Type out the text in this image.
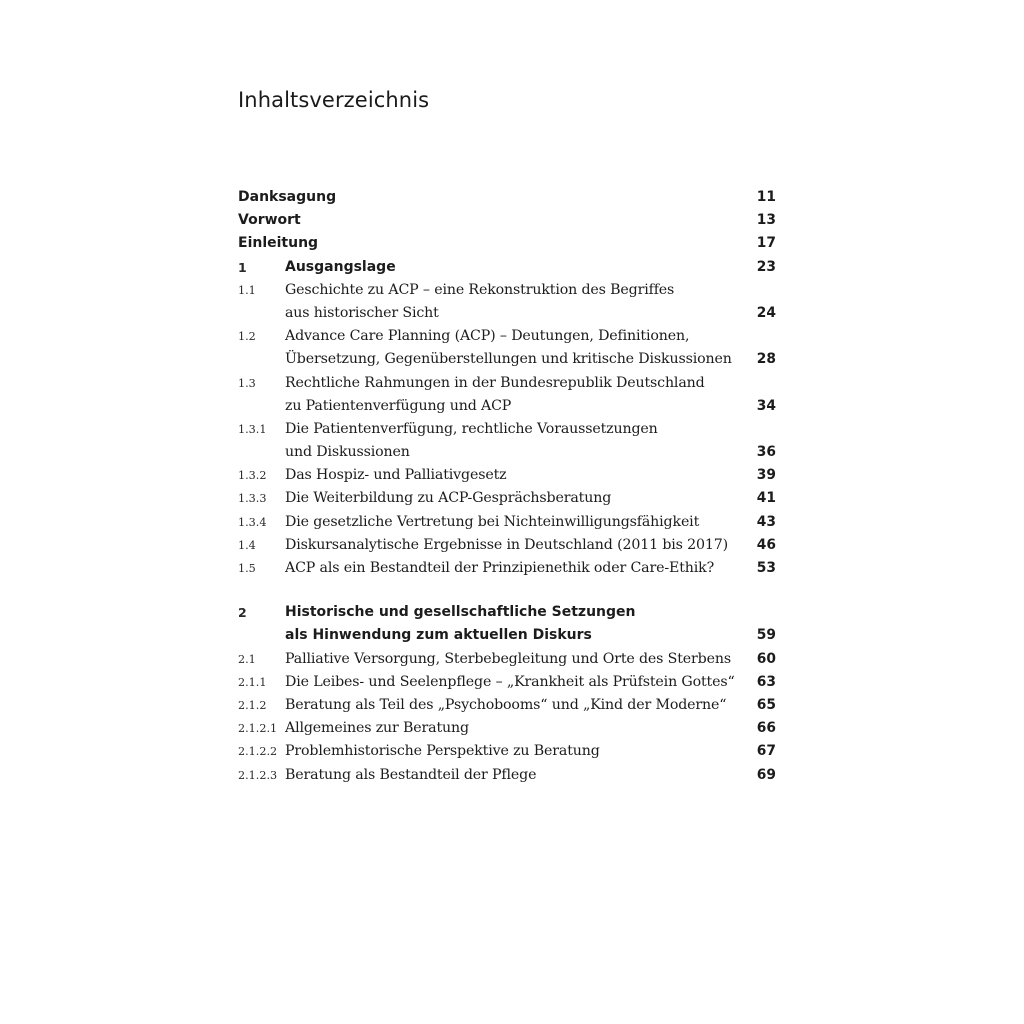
Inhaltsverzeichnis
Danksagung	11
Vorwort	13
Einleitung	17
1	Ausgangslage	23
1.1 Geschichte zu ACP – eine Rekonstruktion des Begriffes
aus historischer Sicht	24
1.2 Advance Care Planning (ACP) – Deutungen, Definitionen,
Übersetzung, Gegenüberstellungen und kritische Diskussionen 28
1.3 Rechtliche Rahmungen in der Bundesrepublik Deutschland
zu Patientenverfügung und ACP	34
1.3.1 Die Patientenverfügung, rechtliche Voraussetzungen
und Diskussionen	36
1.3.2 Das Hospiz- und Palliativgesetz	39
1.3.3 Die Weiterbildung zu ACP-Gesprächsberatung	41
1.3.4 Die gesetzliche Vertretung bei Nichteinwilligungsfähigkeit	43
1.4 Diskursanalytische Ergebnisse in Deutschland (2011 bis 2017) 46
1.5 ACP als ein Bestandteil der Prinzipienethik oder Care-Ethik?	53
2	Historische und gesellschaftliche Setzungen
als Hinwendung zum aktuellen Diskurs	59
2.1 Palliative Versorgung, Sterbebegleitung und Orte des Sterbens 60
2.1.1 Die Leibes- und Seelenpflege – „Krankheit als Prüfstein Gottes“ 63
2.1.2 Beratung als Teil des „Psychobooms“ und „Kind der Moderne“ 65
2.1.2.1 Allgemeines zur Beratung	66
2.1.2.2 Problemhistorische Perspektive zu Beratung	67
2.1.2.3 Beratung als Bestandteil der Pflege	69
